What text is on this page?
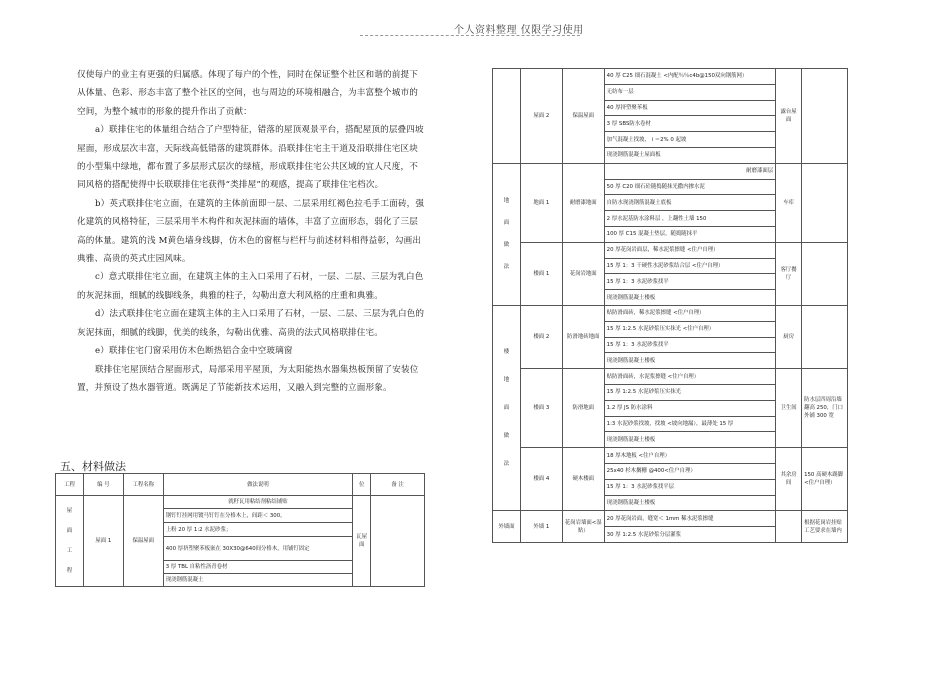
个人资料整理 仅限学习使用

仅使每户的业主有更强的归属感。体现了每户的个性，同时在保证整个社区和谐的前提下从体量、色彩、形态丰富了整个社区的空间，也与周边的环境相融合，为丰富整个城市的空间，为整个城市的形象的提升作出了贡献：

a）联排住宅的体量组合结合了户型特征，错落的屋顶观景平台，搭配屋顶的层叠四坡屋面，形成层次丰富，天际线高低错落的建筑群体。沿联排住宅主干道及沿联排住宅区块的小型集中绿地，都布置了多层形式层次的绿植，形成联排住宅公共区域的宜人尺度，不同风格的搭配使得中长联联排住宅获得“类排屋”的观感，提高了联排住宅档次。

b）英式联排住宅立面，在建筑的主体前面即一层、二层采用红褐色拉毛手工面砖，强化建筑的风格特征，三层采用半木构件和灰泥抹面的墙体，丰富了立面形态，弱化了三层高的体量。建筑的浅 M黄色墙身线脚，仿木色的窗框与栏杆与前述材料相得益彰，勾画出典雅、高贵的英式庄园风味。

c）意式联排住宅立面，在建筑主体的主入口采用了石材，一层、二层、三层为乳白色的灰泥抹面，细腻的线脚线条，典雅的柱子，勾勒出意大利风格的庄重和典雅。

d）法式联排住宅立面在建筑主体的主入口采用了石材，一层、二层、三层为乳白色的灰泥抹面，细腻的线脚，优美的线条，勾勒出优雅、高贵的法式风格联排住宅。

e）联排住宅门窗采用仿木色断热铝合金中空玻璃窗

联排住宅屋顶结合屋面形式，局部采用平屋顶，为太阳能热水器集热板预留了安装位置，并预设了热水器管道。既满足了节能新技术运用，又融入到完整的立面形象。

五、材料做法
工程	编 号	工程名称	做法说明	位	备 注
屋面工程	屋面 1	保温屋面	就籽瓦用粘结剂粘结铺贴	瓦屋面	
			钢钉钉挂网用镀马钉钉在分格木上，间距＜ 300，		
			上粉 20 厚 1:2 水泥砂浆；		
			400 厚挤塑聚苯板嵌在 30X30@640间分格木，用铺钉固定		
			3 厚 TBL 自粘性沥青卷材		
			现浇钢筋混凝土		
	屋面 2	保温屋面	40 厚 C25 细石混凝土 <内配％％c4b@150双向钢筋网）	露台屋面	
			无纺布一层		
			40 厚挤塑聚苯板		
			3 厚 SBS防水卷材		
			加气混凝土找坡， i ＝2% 0 起坡		
			现浇钢筋混凝土屋面板		
地面做法	地面 1	耐磨漆地面	耐磨漆面层	车库	
			50 厚 C20 细石砼随捣随抹光撒内掺水泥		
			自防水现浇钢筋混凝土底板		
			2 厚水泥基防水涂料层 ，上翻性土墙 150		
			100 厚 C15 混凝土垫层，随捣随抹平		
	楼面 1	花岗岩地面	20 厚花岗岩面层，稀水泥浆擦缝 <住户自理）	客厅餐厅	
			15 厚 1：3 干硬性水泥砂浆结合层 <住户自理）		
			15 厚 1：3 水泥砂浆找平		
			现浇钢筋混凝土楼板		
楼地面做法	楼面 2	防滑地砖地面	贴防滑面砖，稀水泥浆擦缝 <住户自理）	厨房	
			15 厚 1:2.5 水泥砂浆压实抹光 <住户自理）		
			15 厚 1：3 水泥砂浆找平		
			现浇钢筋混凝土楼板		
	楼面 3	防滑地面	贴防滑面砖，水泥浆擦缝 <住户自理）	卫生间	防水层四周沿墙翻高 250，门口外铺 300 宽
			15 厚 1:2.5 水泥砂浆压实抹光		
			1.2 厚 JS 防水涂料		
			1:3 水泥砂浆找坡，找坡 <坡向地漏），最薄处 15 厚		
			现浇钢筋混凝土楼板		
	楼面 4	硬木楼面	18 厚木地板 <住户自理）	其余房间	150 高硬木踢脚<住户自理）
			25x40 杉木搁栅 @400<住户自理）		
			15 厚 1：3 水泥砂浆找平层		
			现浇钢筋混凝土楼板		
外墙面	外墙 1	花岗岩墙面<湿贴）	20 厚花岗岩面，缝宽＜ 1mm 稀水泥浆擦缝		根据花岗岩挂贴工艺要求在墙内
			30 厚 1:2.5 水泥砂浆分层灌浆		
